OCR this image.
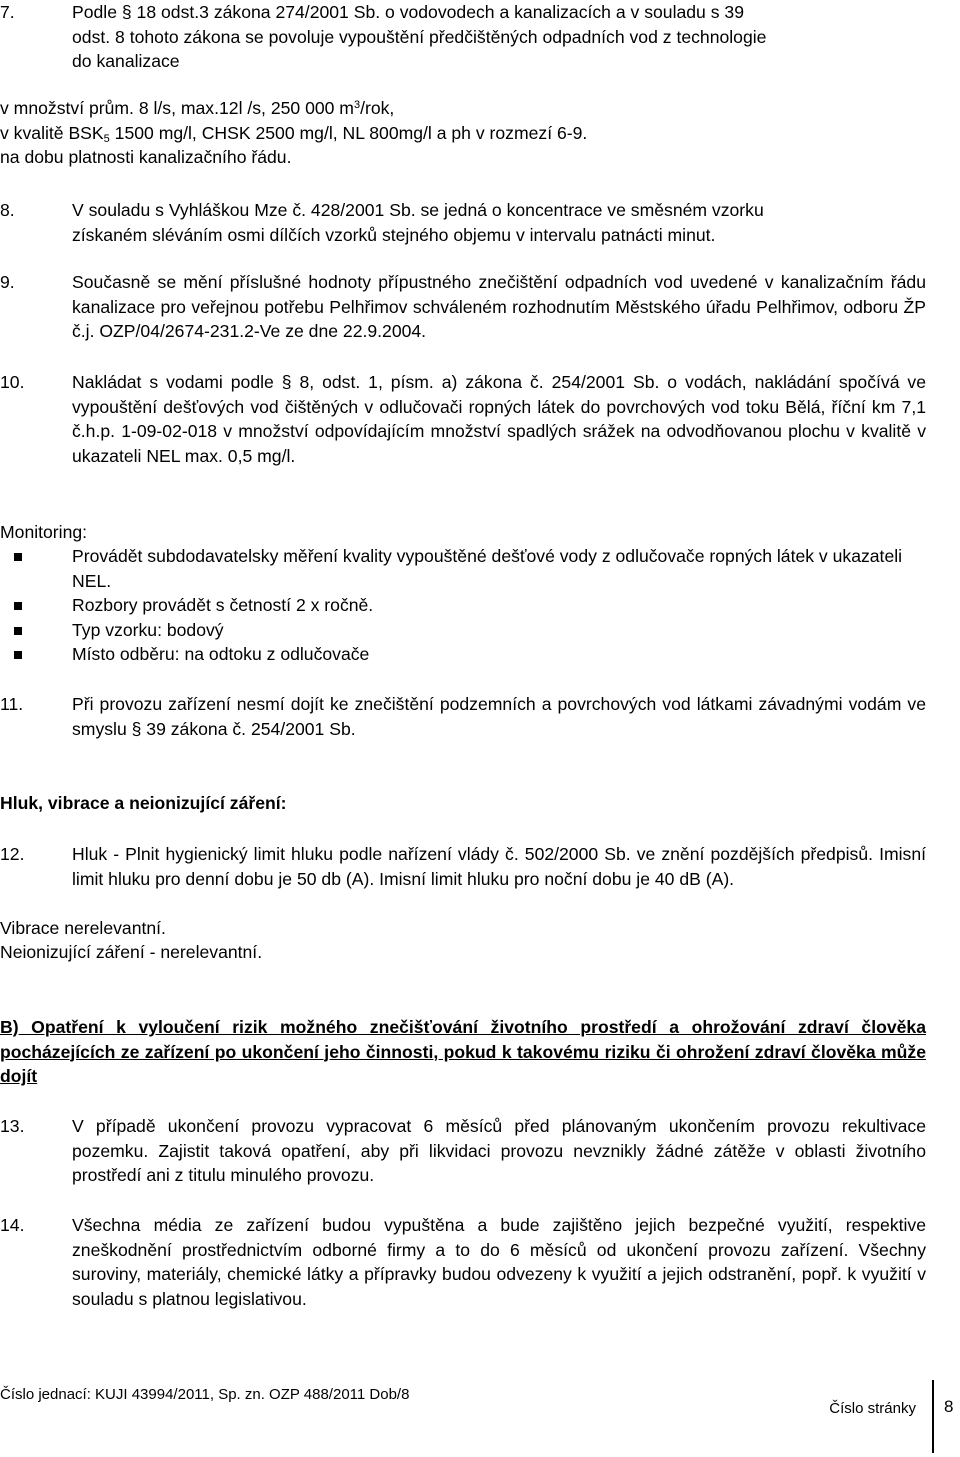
7.	Podle § 18 odst.3 zákona 274/2001 Sb. o vodovodech a kanalizacích a v souladu s 39
odst. 8 tohoto zákona se povoluje vypouštění předčištěných odpadních vod z technologie
do kanalizace
v množství prům. 8 l/s, max.12l /s, 250 000 $m^3$/rok,
v kvalitě $BSK_5$ 1500 mg/l, CHSK 2500 mg/l, NL 800mg/l a ph v rozmezí 6-9.
na dobu platnosti kanalizačního řádu.
8.	V souladu s Vyhláškou Mze č. 428/2001 Sb. se jedná o koncentrace ve směsném vzorku
získaném sléváním osmi dílčích vzorků stejného objemu v intervalu patnácti minut.
9.	Současně se mění příslušné hodnoty přípustného znečištění odpadních vod uvedené v kanalizačním řádu kanalizace pro veřejnou potřebu Pelhřimov schváleném rozhodnutím Městského úřadu Pelhřimov, odboru ŽP č.j. OZP/04/2674-231.2-Ve ze dne 22.9.2004.
10.	Nakládat s vodami podle § 8, odst. 1, písm. a) zákona č. 254/2001 Sb. o vodách, nakládání spočívá ve vypouštění dešťových vod čištěných v odlučovači ropných látek do povrchových vod toku Bělá, říční km 7,1 č.h.p. 1-09-02-018 v množství odpovídajícím množství spadlých srážek na odvodňovanou plochu v kvalitě v ukazateli NEL max. 0,5 mg/l.
Monitoring:
Provádět subdodavatelsky měření kvality vypouštěné dešťové vody z odlučovače ropných látek v ukazateli NEL.
Rozbory provádět s četností 2 x ročně.
Typ vzorku: bodový
Místo odběru: na odtoku z odlučovače
11.	Při provozu zařízení nesmí dojít ke znečištění podzemních a povrchových vod látkami závadnými vodám ve smyslu § 39 zákona č. 254/2001 Sb.
Hluk, vibrace a neionizující záření:
12.	Hluk - Plnit hygienický limit hluku podle nařízení vlády č. 502/2000 Sb. ve znění pozdějších předpisů. Imisní limit hluku pro denní dobu je 50 db (A). Imisní limit hluku pro noční dobu je 40 dB (A).
Vibrace nerelevantní.
Neionizující záření - nerelevantní.
B) Opatření k vyloučení rizik možného znečišťování životního prostředí a ohrožování zdraví člověka pocházejících ze zařízení po ukončení jeho činnosti, pokud k takovému riziku či ohrožení zdraví člověka může dojít
13.	V případě ukončení provozu vypracovat 6 měsíců před plánovaným ukončením provozu rekultivace pozemku. Zajistit taková opatření, aby při likvidaci provozu nevznikly žádné zátěže v oblasti životního prostředí ani z titulu minulého provozu.
14.	Všechna média ze zařízení budou vypuštěna a bude zajištěno jejich bezpečné využití, respektive zneškodnění prostřednictvím odborné firmy a to do 6 měsíců od ukončení provozu zařízení. Všechny suroviny, materiály, chemické látky a přípravky budou odvezeny k využití a jejich odstranění, popř. k využití v souladu s platnou legislativou.
Číslo jednací: KUJI 43994/2011, Sp. zn. OZP 488/2011 Dob/8
Číslo stránky 8
